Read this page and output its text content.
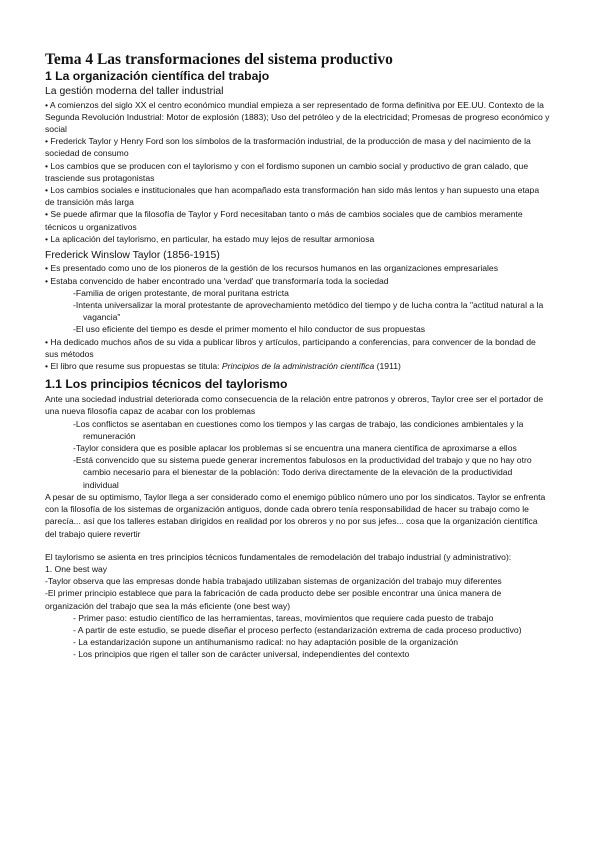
Tema 4 Las transformaciones del sistema productivo
1 La organización científica del trabajo
La gestión moderna del taller industrial

• A comienzos del siglo XX el centro económico mundial empieza a ser representado de forma definitiva por EE.UU. Contexto de la Segunda Revolución Industrial: Motor de explosión (1883); Uso del petróleo y de la electricidad; Promesas de progreso económico y social

• Frederick Taylor y Henry Ford son los símbolos de la trasformación industrial, de la producción de masa y del nacimiento de la sociedad de consumo

• Los cambios que se producen con el taylorismo y con el fordismo suponen un cambio social y productivo de gran calado, que trasciende sus protagonistas

• Los cambios sociales e institucionales que han acompañado esta transformación han sido más lentos y han supuesto una etapa de transición más larga

• Se puede afirmar que la filosofía de Taylor y Ford necesitaban tanto o más de cambios sociales que de cambios meramente técnicos u organizativos

• La aplicación del taylorismo, en particular, ha estado muy lejos de resultar armoniosa

Frederick Winslow Taylor (1856-1915)

• Es presentado como uno de los pioneros de la gestión de los recursos humanos en las organizaciones empresariales

• Estaba convencido de haber encontrado una 'verdad' que transformaría toda la sociedad

-Familia de origen protestante, de moral puritana estricta

-Intenta universalizar la moral protestante de aprovechamiento metódico del tiempo y de lucha contra la "actitud natural a la vagancia"

-El uso eficiente del tiempo es desde el primer momento el hilo conductor de sus propuestas

• Ha dedicado muchos años de su vida a publicar libros y artículos, participando a conferencias, para convencer de la bondad de sus métodos

• El libro que resume sus propuestas se titula: Principios de la administración científica (1911)

1.1 Los principios técnicos del taylorismo

Ante una sociedad industrial deteriorada como consecuencia de la relación entre patronos y obreros, Taylor cree ser el portador de una nueva filosofía capaz de acabar con los problemas

-Los conflictos se asentaban en cuestiones como los tiempos y las cargas de trabajo, las condiciones ambientales y la remuneración

-Taylor considera que es posible aplacar los problemas si se encuentra una manera científica de aproximarse a ellos

-Está convencido que su sistema puede generar incrementos fabulosos en la productividad del trabajo y que no hay otro cambio necesario para el bienestar de la población: Todo deriva directamente de la elevación de la productividad individual

A pesar de su optimismo, Taylor llega a ser considerado como el enemigo público número uno por los sindicatos. Taylor se enfrenta con la filosofía de los sistemas de organización antiguos, donde cada obrero tenía responsabilidad de hacer su trabajo como le parecía... así que los talleres estaban dirigidos en realidad por los obreros y no por sus jefes... cosa que la organización científica del trabajo quiere revertir

El taylorismo se asienta en tres principios técnicos fundamentales de remodelación del trabajo industrial (y administrativo):

1. One best way

-Taylor observa que las empresas donde había trabajado utilizaban sistemas de organización del trabajo muy diferentes

-El primer principio establece que para la fabricación de cada producto debe ser posible encontrar una única manera de organización del trabajo que sea la más eficiente (one best way)

- Primer paso: estudio científico de las herramientas, tareas, movimientos que requiere cada puesto de trabajo

- A partir de este estudio, se puede diseñar el proceso perfecto (estandarización extrema de cada proceso productivo)

- La estandarización supone un antihumanismo radical: no hay adaptación posible de la organización

- Los principios que rigen el taller son de carácter universal, independientes del contexto
